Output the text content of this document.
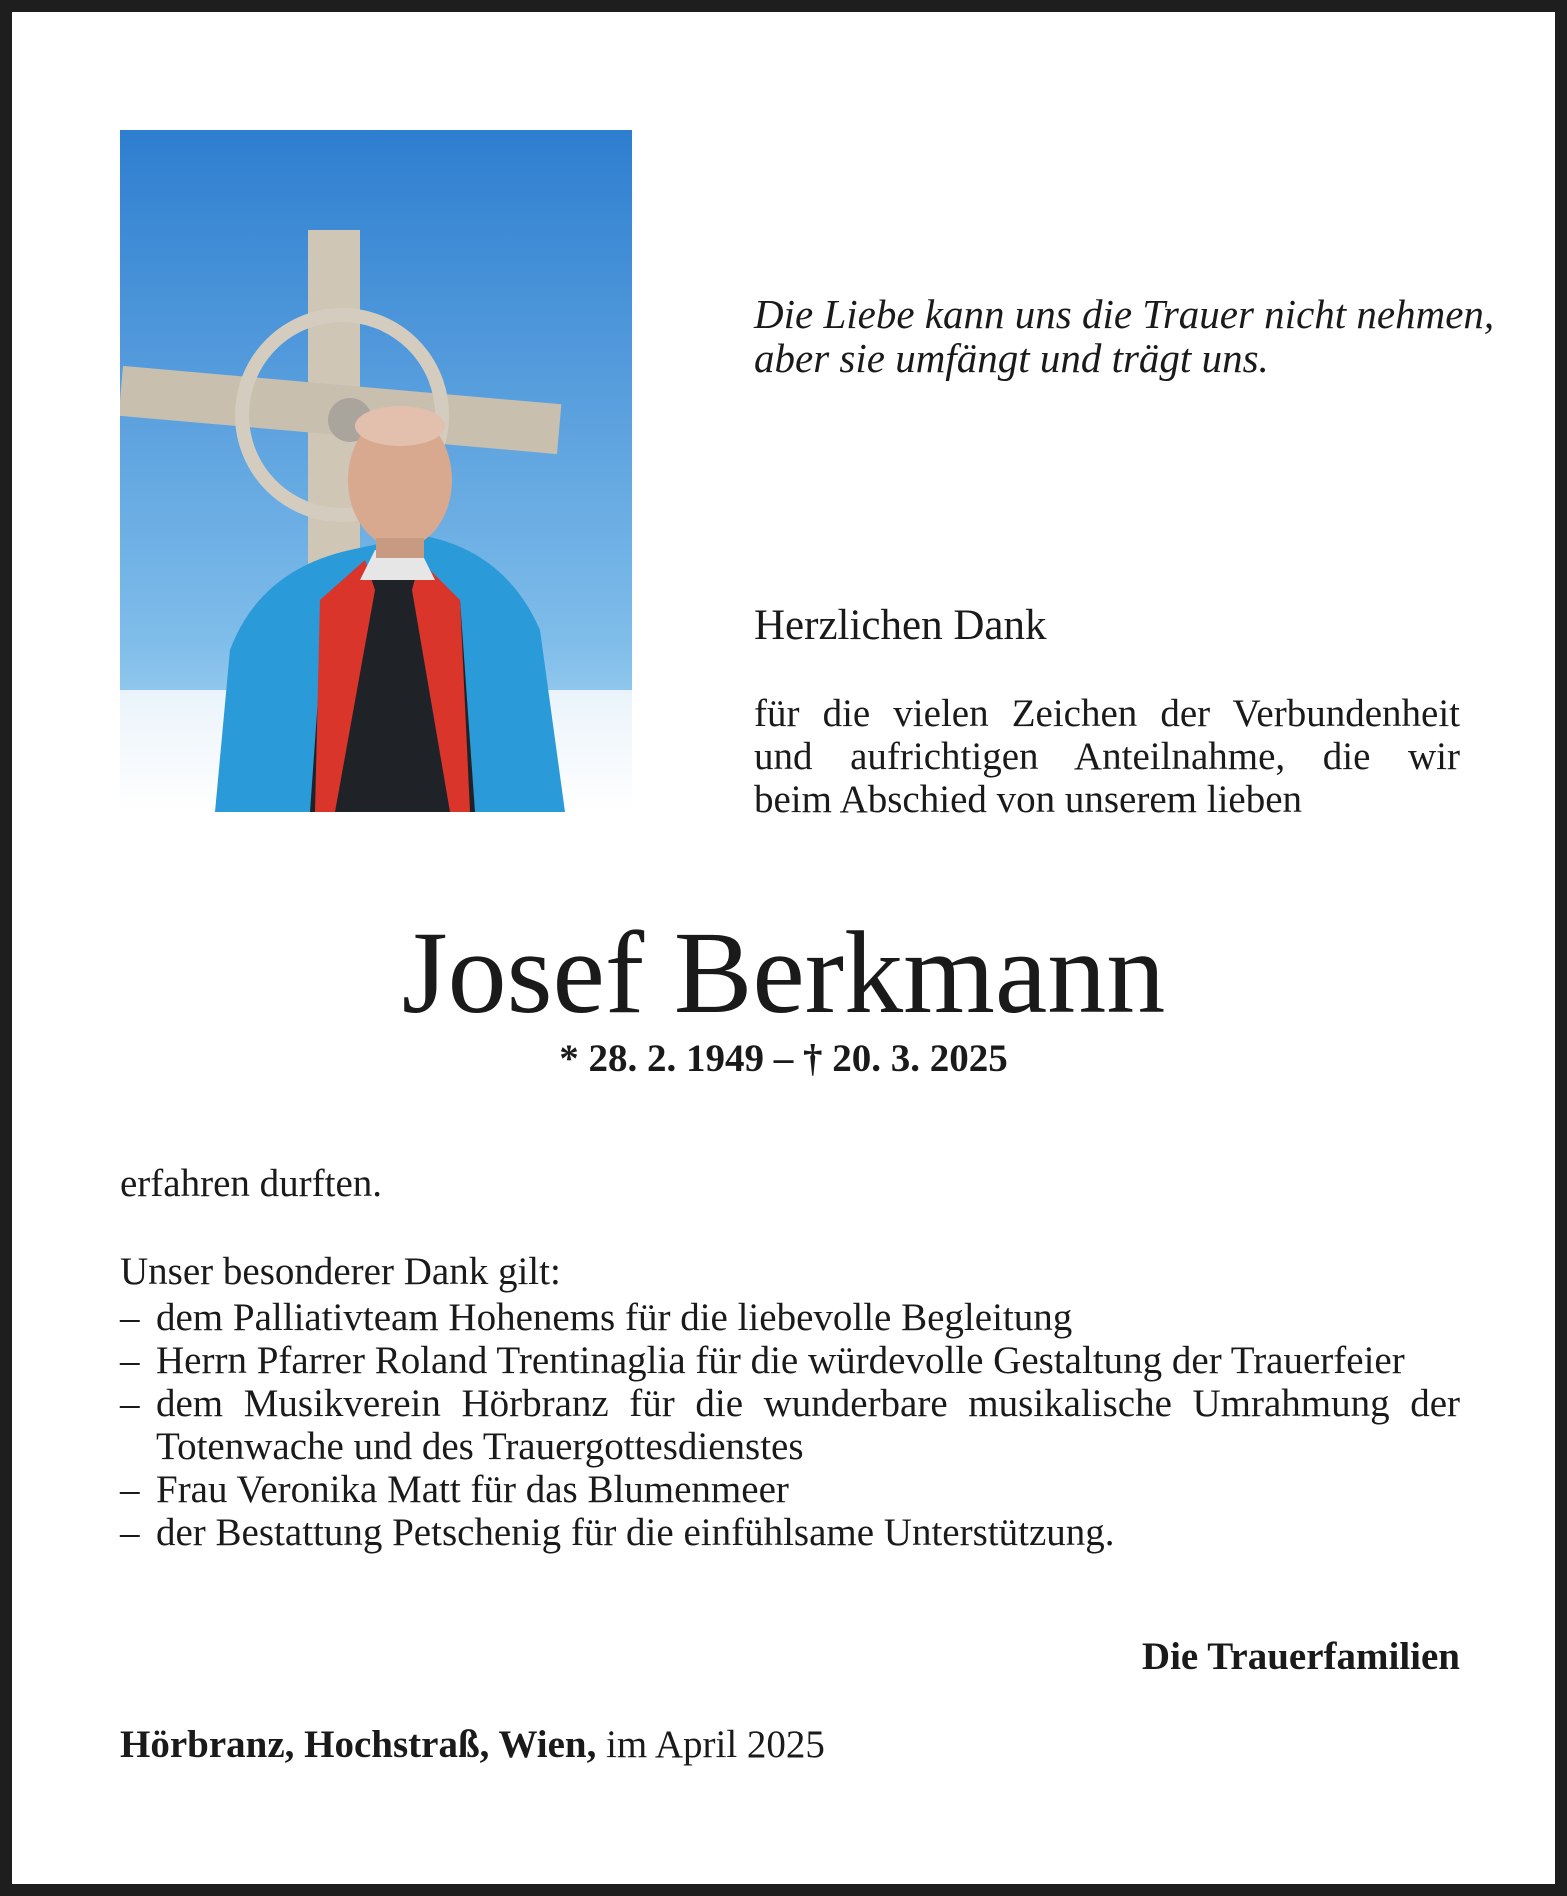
Die Liebe kann uns die Trauer nicht nehmen,
aber sie umfängt und trägt uns.
Herzlichen Dank
für die vielen Zeichen der Verbundenheit
und aufrichtigen Anteilnahme, die wir
beim Abschied von unserem lieben
Josef Berkmann
* 28. 2. 1949 – † 20. 3. 2025
erfahren durften.
Unser besonderer Dank gilt:
– dem Palliativteam Hohenems für die liebevolle Begleitung
– Herrn Pfarrer Roland Trentinaglia für die würdevolle Gestaltung der Trauerfeier
– dem Musikverein Hörbranz für die wunderbare musikalische Umrahmung der Totenwache und des Trauergottesdienstes
– Frau Veronika Matt für das Blumenmeer
– der Bestattung Petschenig für die einfühlsame Unterstützung.
Die Trauerfamilien
Hörbranz, Hochstraß, Wien, im April 2025
